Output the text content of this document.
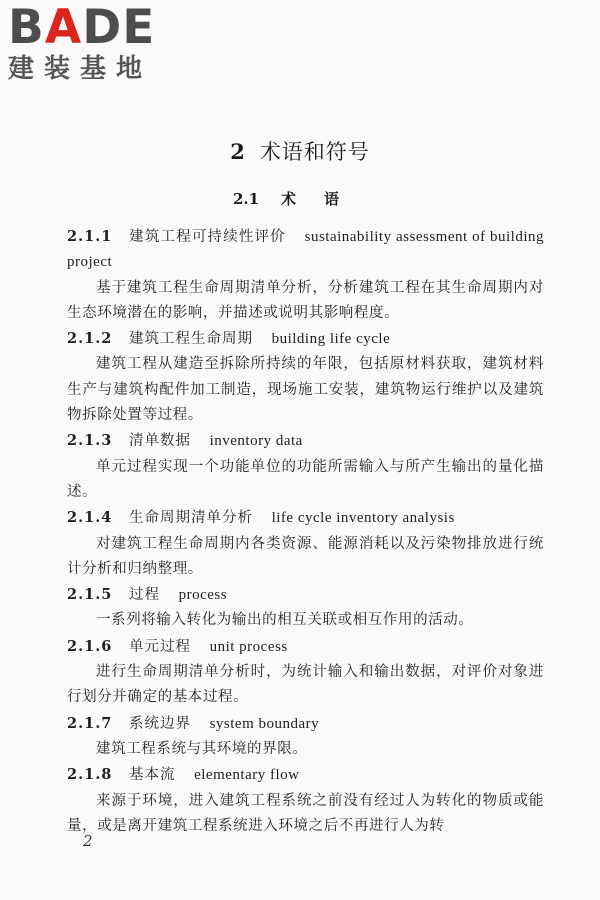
BADE
建装基地
2 术语和符号
2.1 术语
2.1.1 建筑工程可持续性评价 sustainability assessment of building project

基于建筑工程生命周期清单分析，分析建筑工程在其生命周期内对生态环境潜在的影响，并描述或说明其影响程度。

2.1.2 建筑工程生命周期 building life cycle

建筑工程从建造至拆除所持续的年限，包括原材料获取，建筑材料生产与建筑构配件加工制造，现场施工安装，建筑物运行维护以及建筑物拆除处置等过程。

2.1.3 清单数据 inventory data

单元过程实现一个功能单位的功能所需输入与所产生输出的量化描述。

2.1.4 生命周期清单分析 life cycle inventory analysis

对建筑工程生命周期内各类资源、能源消耗以及污染物排放进行统计分析和归纳整理。

2.1.5 过程 process

一系列将输入转化为输出的相互关联或相互作用的活动。

2.1.6 单元过程 unit process

进行生命周期清单分析时，为统计输入和输出数据，对评价对象进行划分并确定的基本过程。

2.1.7 系统边界 system boundary

建筑工程系统与其环境的界限。

2.1.8 基本流 elementary flow

来源于环境，进入建筑工程系统之前没有经过人为转化的物质或能量，或是离开建筑工程系统进入环境之后不再进行人为转

2
